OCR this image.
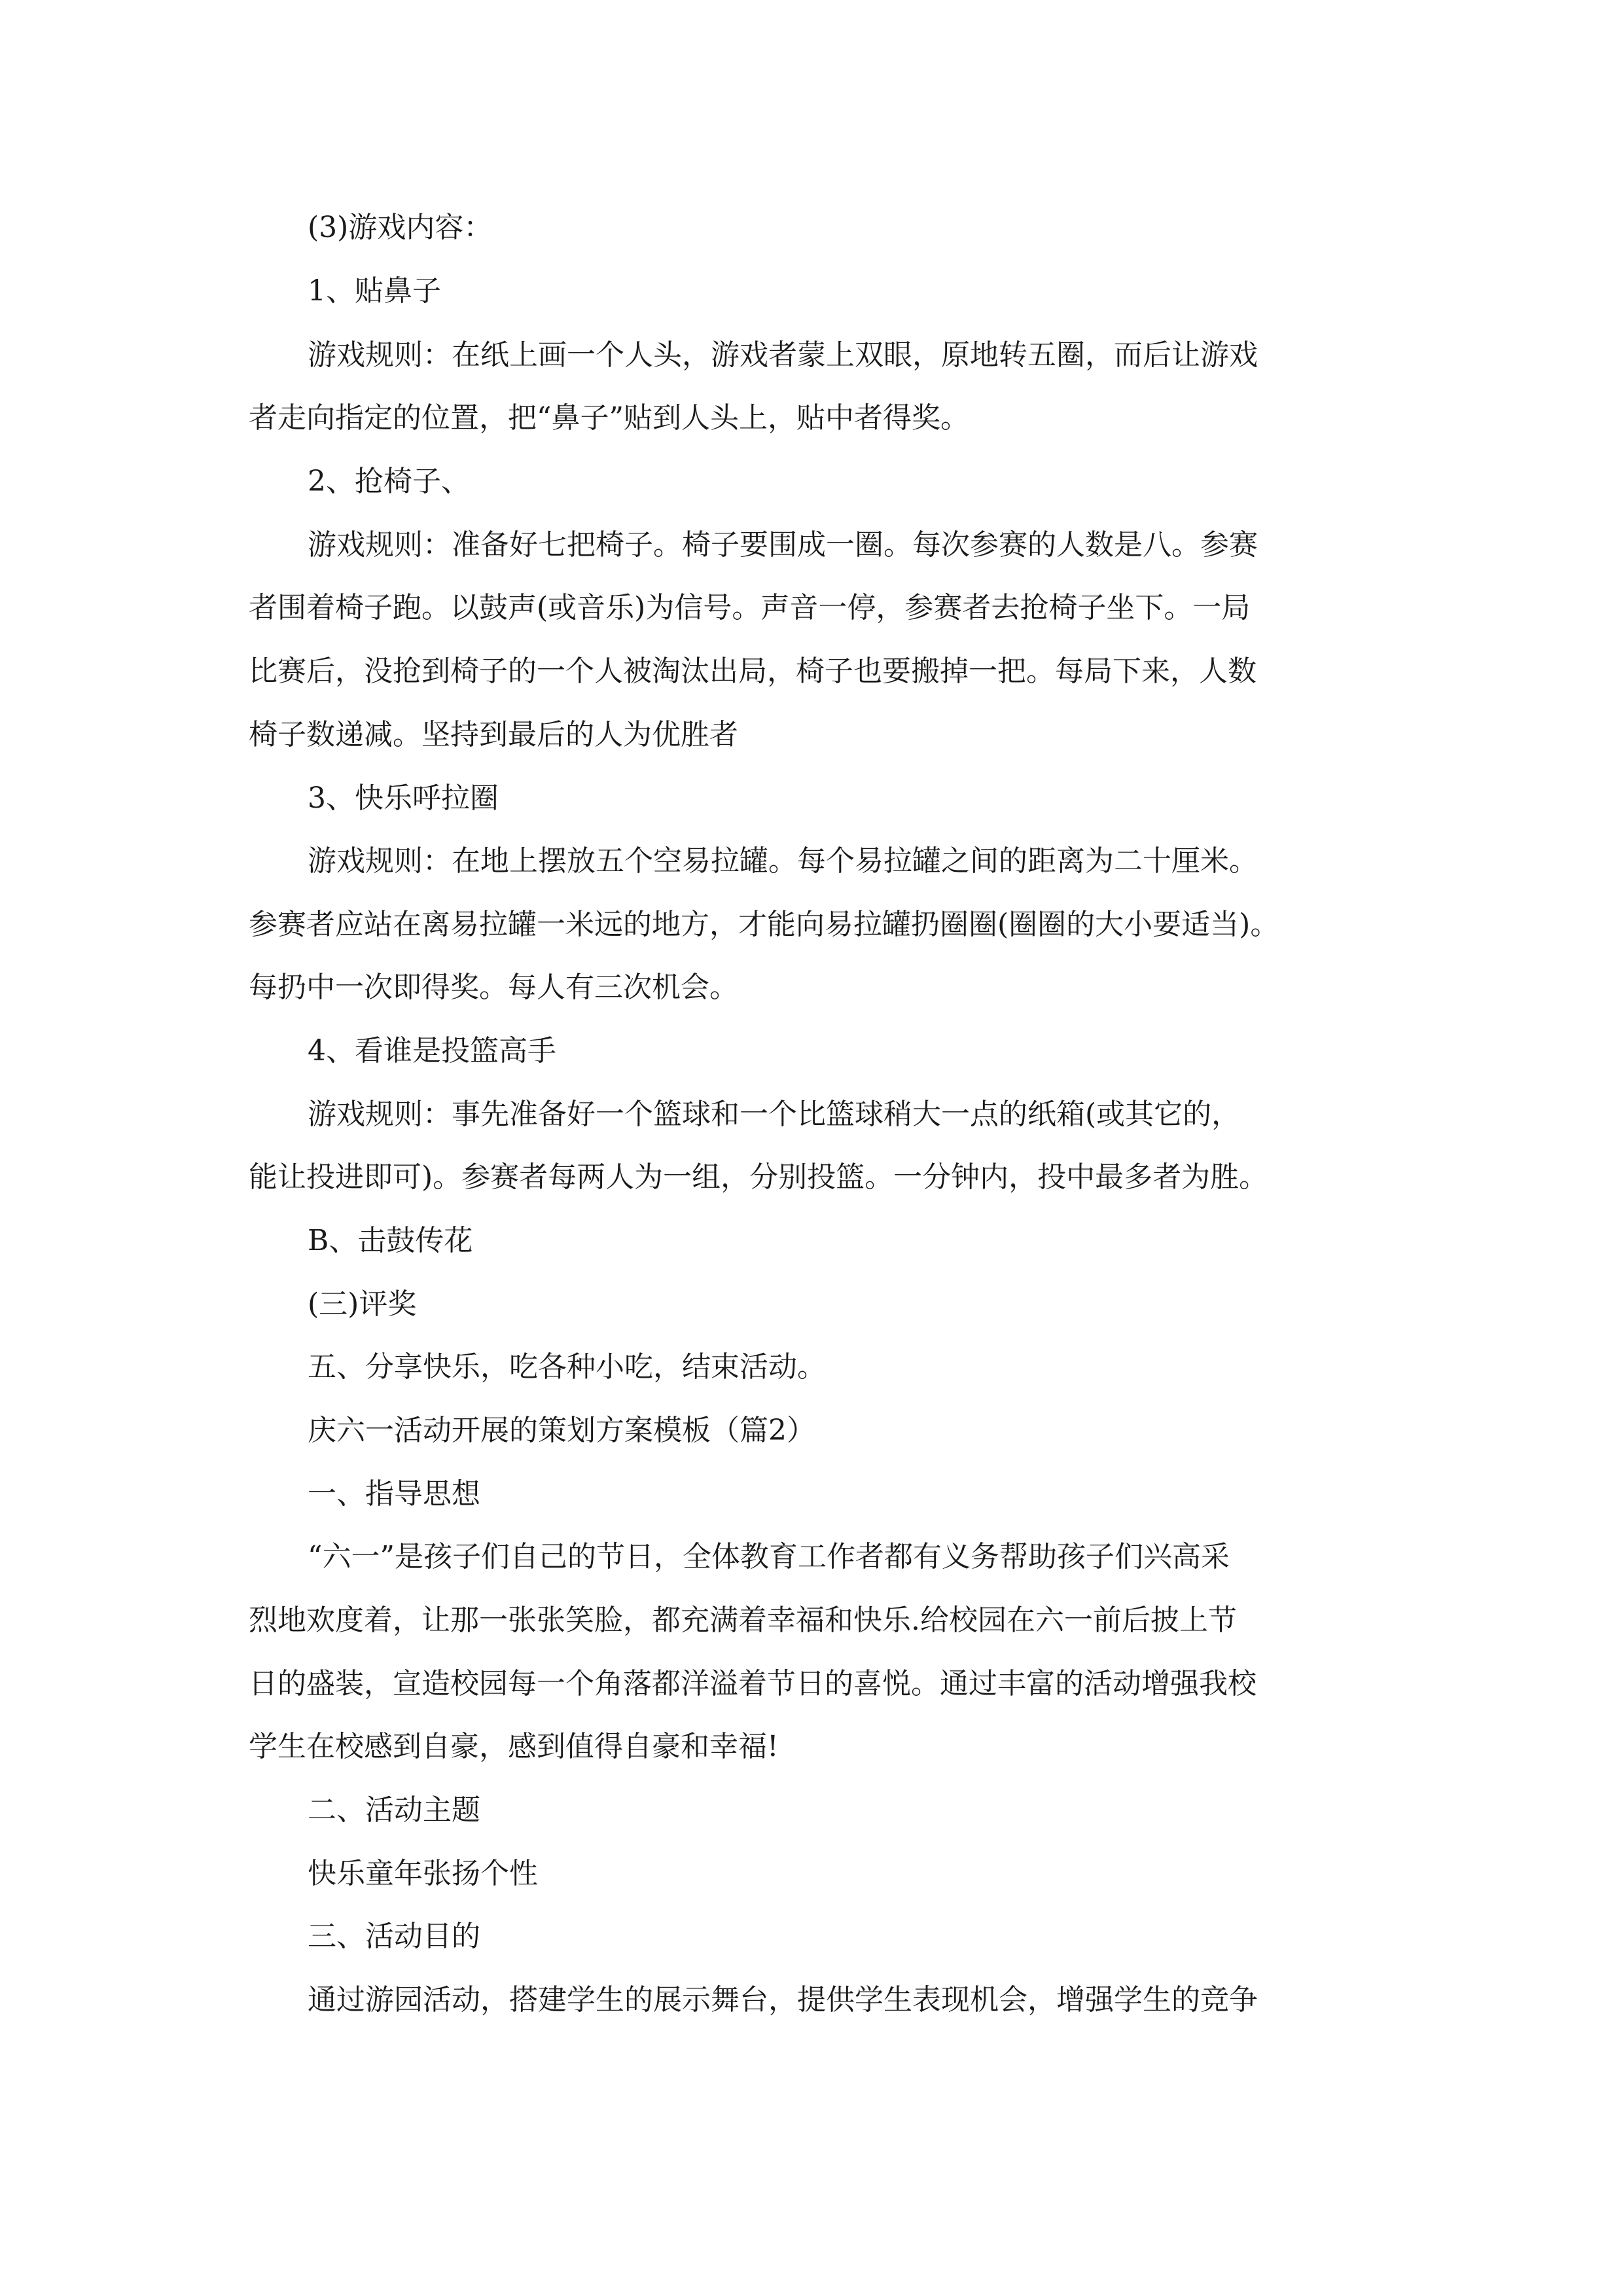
(3)游戏内容：
1、贴鼻子
游戏规则：在纸上画一个人头，游戏者蒙上双眼，原地转五圈，而后让游戏
者走向指定的位置，把“鼻子”贴到人头上，贴中者得奖。
2、抢椅子、
游戏规则：准备好七把椅子。椅子要围成一圈。每次参赛的人数是八。参赛
者围着椅子跑。以鼓声(或音乐)为信号。声音一停，参赛者去抢椅子坐下。一局
比赛后，没抢到椅子的一个人被淘汰出局，椅子也要搬掉一把。每局下来，人数
椅子数递减。坚持到最后的人为优胜者
3、快乐呼拉圈
游戏规则：在地上摆放五个空易拉罐。每个易拉罐之间的距离为二十厘米。
参赛者应站在离易拉罐一米远的地方，才能向易拉罐扔圈圈(圈圈的大小要适当)。
每扔中一次即得奖。每人有三次机会。
4、看谁是投篮高手
游戏规则：事先准备好一个篮球和一个比篮球稍大一点的纸箱(或其它的，
能让投进即可)。参赛者每两人为一组，分别投篮。一分钟内，投中最多者为胜。
B、击鼓传花
(三)评奖
五、分享快乐，吃各种小吃，结束活动。
庆六一活动开展的策划方案模板（篇2）
一、指导思想
“六一”是孩子们自己的节日，全体教育工作者都有义务帮助孩子们兴高采
烈地欢度着，让那一张张笑脸，都充满着幸福和快乐.给校园在六一前后披上节
日的盛装，宣造校园每一个角落都洋溢着节日的喜悦。通过丰富的活动增强我校
学生在校感到自豪，感到值得自豪和幸福!
二、活动主题
快乐童年张扬个性
三、活动目的
通过游园活动，搭建学生的展示舞台，提供学生表现机会，增强学生的竞争
